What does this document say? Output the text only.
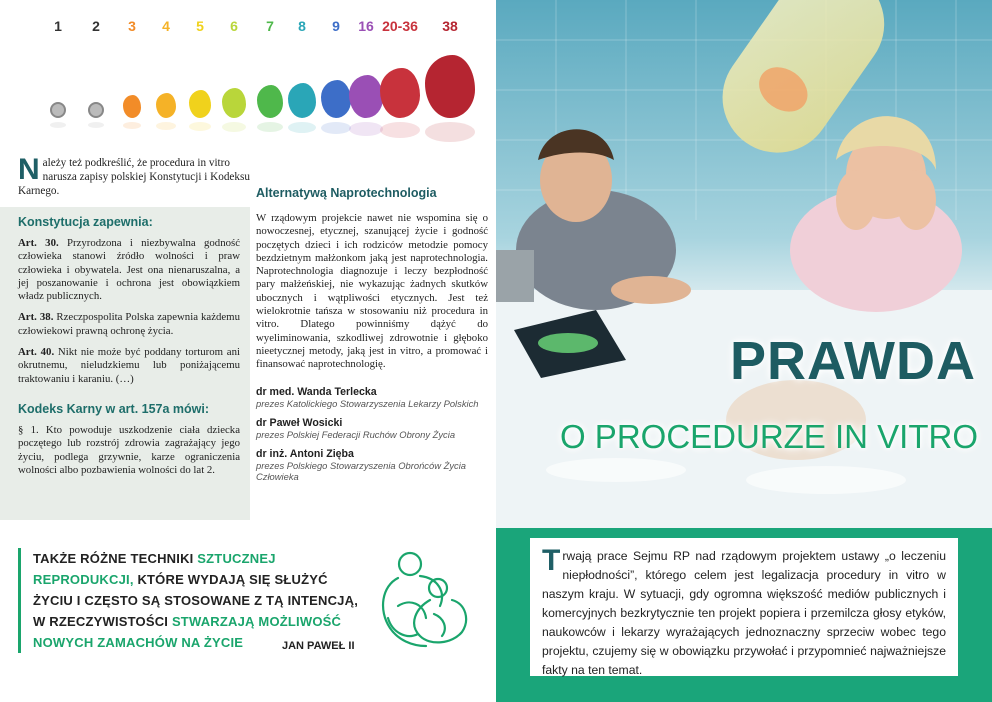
1	2	3	4	5	6	7	8	9	16 20-36	38
Należy też podkreślić, że procedura in vitro narusza zapisy polskiej Konstytucji i Kodeksu Karnego.
Konstytucja zapewnia:
Art. 30. Przyrodzona i niezbywalna godność człowieka stanowi źródło wolności i praw człowieka i obywatela. Jest ona nienaruszalna, a jej poszanowanie i ochrona jest obowiązkiem władz publicznych.
Art. 38. Rzeczpospolita Polska zapewnia każdemu człowiekowi prawną ochronę życia.
Art. 40. Nikt nie może być poddany torturom ani okrutnemu, nieludzkiemu lub poniżającemu traktowaniu i karaniu. (…)
Kodeks Karny w art. 157a mówi:
§ 1. Kto powoduje uszkodzenie ciała dziecka poczętego lub rozstrój zdrowia zagrażający jego życiu, podlega grzywnie, karze ograniczenia wolności albo pozbawienia wolności do lat 2.
Alternatywą Naprotechnologia
W rządowym projekcie nawet nie wspomina się o nowoczesnej, etycznej, szanującej życie i godność poczętych dzieci i ich rodziców metodzie pomocy bezdzietnym małżonkom jaką jest naprotechnologia. Naprotechnologia diagnozuje i leczy bezpłodność pary małżeńskiej, nie wykazując żadnych skutków ubocznych i wątpliwości etycznych. Jest też wielokrotnie tańsza w stosowaniu niż procedura in vitro. Dlatego powinniśmy dążyć do wyeliminowania, szkodliwej zdrowotnie i głęboko nieetycznej metody, jaką jest in vitro, a promować i finansować naprotechnologię.
dr med. Wanda Terlecka
prezes Katolickiego Stowarzyszenia Lekarzy Polskich
dr Paweł Wosicki
prezes Polskiej Federacji Ruchów Obrony Życia
dr inż. Antoni Zięba
prezes Polskiego Stowarzyszenia Obrońców Życia Człowieka
TAKŻE RÓŻNE TECHNIKI SZTUCZNEJ
REPRODUKCJI, KTÓRE WYDAJĄ SIĘ SŁUŻYĆ
ŻYCIU I CZĘSTO SĄ STOSOWANE Z TĄ INTENCJĄ,
W RZECZYWISTOŚCI STWARZAJĄ MOŻLIWOŚĆ
NOWYCH ZAMACHÓW NA ŻYCIE	JAN PAWEŁ II
PRAWDA
O PROCEDURZE IN VITRO
Trwają prace Sejmu RP nad rządowym projektem ustawy „o leczeniu niepłodności”, którego celem jest legalizacja procedury in vitro w naszym kraju. W sytuacji, gdy ogromna większość mediów publicznych i komercyjnych bezkrytycznie ten projekt popiera i przemilcza głosy etyków, naukowców i lekarzy wyrażających jednoznaczny sprzeciw wobec tego projektu, czujemy się w obowiązku przywołać i przypomnieć najważniejsze fakty na ten temat.
